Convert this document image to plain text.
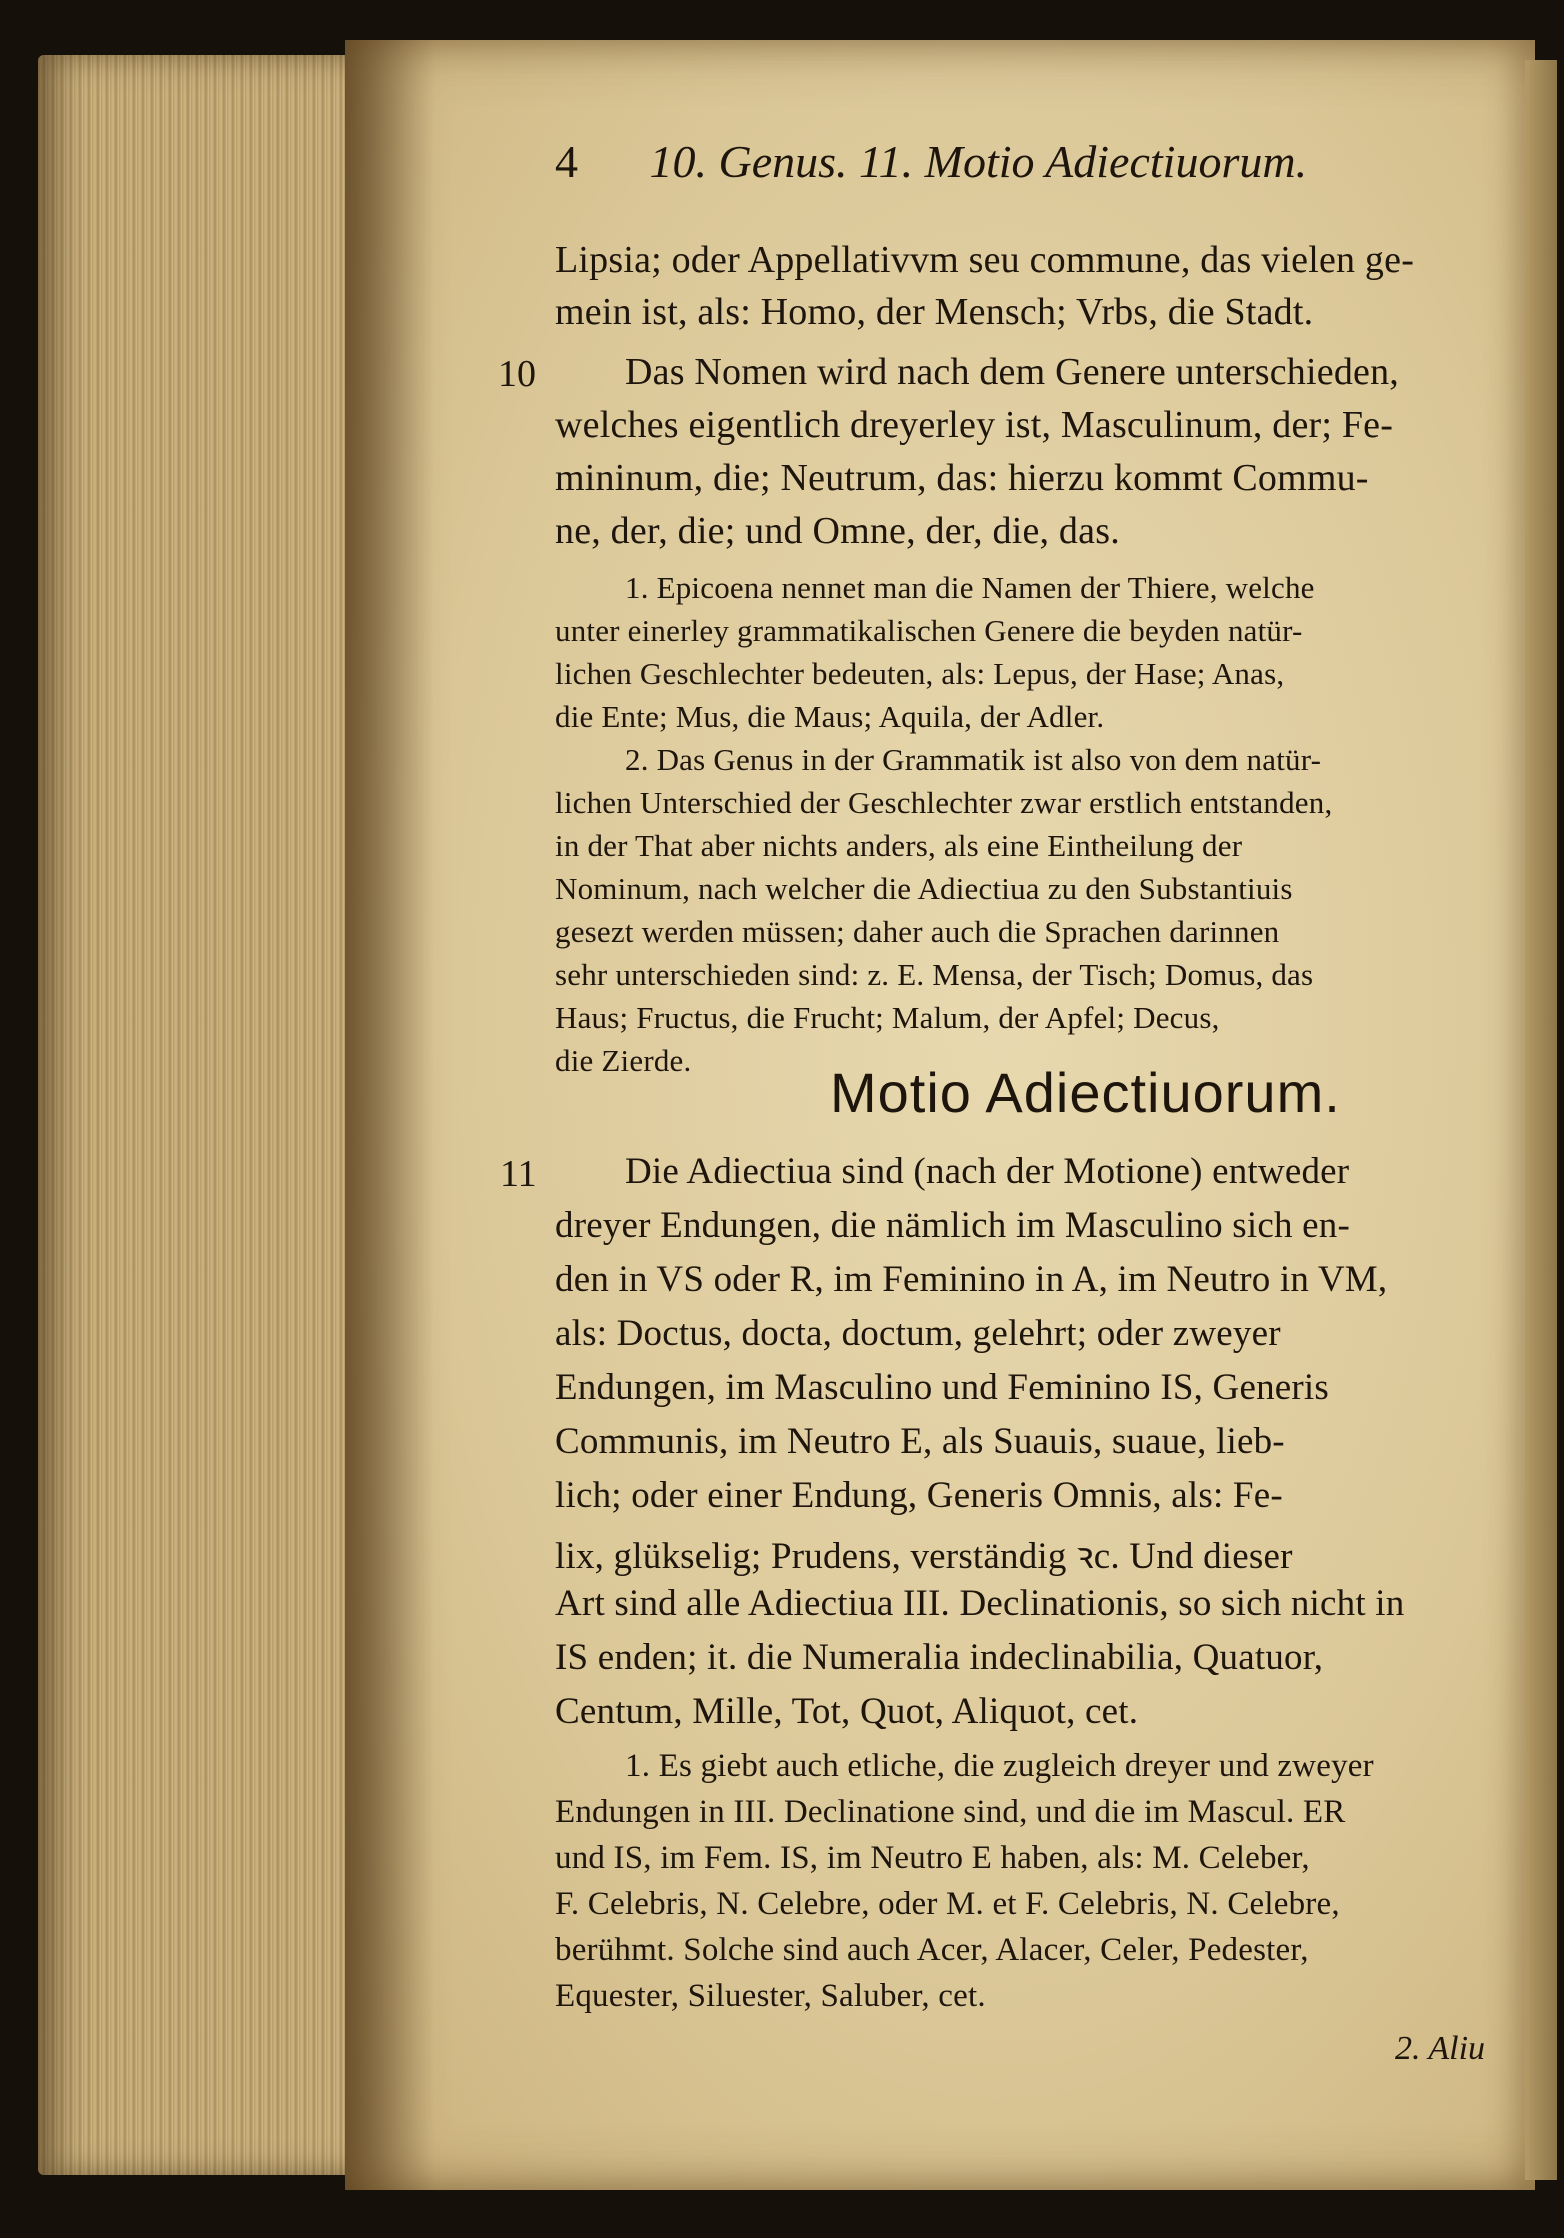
4 10. Genus. 11. Motio Adiectiuorum.
Lipsia; oder Appellativvm seu commune, das vielen ge-
mein ist, als: Homo, der Mensch; Vrbs, die Stadt.
10 Das Nomen wird nach dem Genere unterschieden,
welches eigentlich dreyerley ist, Masculinum, der; Fe-
mininum, die; Neutrum, das: hierzu kommt Commu-
ne, der, die; und Omne, der, die, das.
1. Epicoena nennet man die Namen der Thiere, welche
unter einerley grammatikalischen Genere die beyden natür-
lichen Geschlechter bedeuten, als: Lepus, der Hase; Anas,
die Ente; Mus, die Maus; Aquila, der Adler.
2. Das Genus in der Grammatik ist also von dem natür-
lichen Unterschied der Geschlechter zwar erstlich entstanden,
in der That aber nichts anders, als eine Eintheilung der
Nominum, nach welcher die Adiectiua zu den Substantiuis
gesezt werden müssen; daher auch die Sprachen darinnen
sehr unterschieden sind: z. E. Mensa, der Tisch; Domus, das
Haus; Fructus, die Frucht; Malum, der Apfel; Decus,
die Zierde.
Motio Adiectiuorum.
11 Die Adiectiua sind (nach der Motione) entweder
dreyer Endungen, die nämlich im Masculino sich en-
den in VS oder R, im Feminino in A, im Neutro in VM,
als: Doctus, docta, doctum, gelehrt; oder zweyer
Endungen, im Masculino und Feminino IS, Generis
Communis, im Neutro E, als Suauis, suaue, lieb-
lich; oder einer Endung, Generis Omnis, als: Fe-
lix, glükselig; Prudens, verständig ꝛc. Und dieser
Art sind alle Adiectiua III. Declinationis, so sich nicht in
IS enden; it. die Numeralia indeclinabilia, Quatuor,
Centum, Mille, Tot, Quot, Aliquot, cet.
1. Es giebt auch etliche, die zugleich dreyer und zweyer
Endungen in III. Declinatione sind, und die im Mascul. ER
und IS, im Fem. IS, im Neutro E haben, als: M. Celeber,
F. Celebris, N. Celebre, oder M. et F. Celebris, N. Celebre,
berühmt. Solche sind auch Acer, Alacer, Celer, Pedester,
Equester, Siluester, Saluber, cet.
2. Aliu
